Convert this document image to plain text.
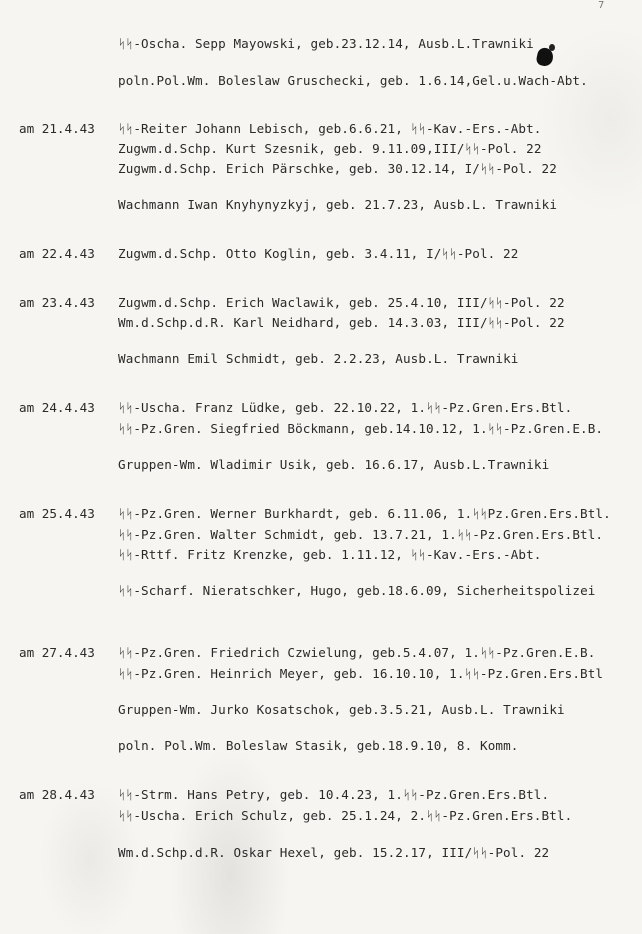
7
ᛋᛋ-Oscha. Sepp Mayowski, geb.23.12.14, Ausb.L.Trawniki
poln.Pol.Wm. Boleslaw Gruschecki, geb. 1.6.14,Gel.u.Wach-Abt.
am 21.4.43 ᛋᛋ-Reiter Johann Lebisch, geb.6.6.21, ᛋᛋ-Kav.-Ers.-Abt.
Zugwm.d.Schp. Kurt Szesnik, geb. 9.11.09,III/ᛋᛋ-Pol. 22
Zugwm.d.Schp. Erich Pärschke, geb. 30.12.14, I/ᛋᛋ-Pol. 22
Wachmann Iwan Knyhynyzkyj, geb. 21.7.23, Ausb.L. Trawniki
am 22.4.43 Zugwm.d.Schp. Otto Koglin, geb. 3.4.11, I/ᛋᛋ-Pol. 22
am 23.4.43 Zugwm.d.Schp. Erich Waclawik, geb. 25.4.10, III/ᛋᛋ-Pol. 22
Wm.d.Schp.d.R. Karl Neidhard, geb. 14.3.03, III/ᛋᛋ-Pol. 22
Wachmann Emil Schmidt, geb. 2.2.23, Ausb.L. Trawniki
am 24.4.43 ᛋᛋ-Uscha. Franz Lüdke, geb. 22.10.22, 1.ᛋᛋ-Pz.Gren.Ers.Btl.
ᛋᛋ-Pz.Gren. Siegfried Böckmann, geb.14.10.12, 1.ᛋᛋ-Pz.Gren.E.B.
Gruppen-Wm. Wladimir Usik, geb. 16.6.17, Ausb.L.Trawniki
am 25.4.43 ᛋᛋ-Pz.Gren. Werner Burkhardt, geb. 6.11.06, 1.ᛋᛋPz.Gren.Ers.Btl.
ᛋᛋ-Pz.Gren. Walter Schmidt, geb. 13.7.21, 1.ᛋᛋ-Pz.Gren.Ers.Btl.
ᛋᛋ-Rttf. Fritz Krenzke, geb. 1.11.12, ᛋᛋ-Kav.-Ers.-Abt.
ᛋᛋ-Scharf. Nieratschker, Hugo, geb.18.6.09, Sicherheitspolizei
am 27.4.43 ᛋᛋ-Pz.Gren. Friedrich Czwielung, geb.5.4.07, 1.ᛋᛋ-Pz.Gren.E.B.
ᛋᛋ-Pz.Gren. Heinrich Meyer, geb. 16.10.10, 1.ᛋᛋ-Pz.Gren.Ers.Btl
Gruppen-Wm. Jurko Kosatschok, geb.3.5.21, Ausb.L. Trawniki
poln. Pol.Wm. Boleslaw Stasik, geb.18.9.10, 8. Komm.
am 28.4.43 ᛋᛋ-Strm. Hans Petry, geb. 10.4.23, 1.ᛋᛋ-Pz.Gren.Ers.Btl.
ᛋᛋ-Uscha. Erich Schulz, geb. 25.1.24, 2.ᛋᛋ-Pz.Gren.Ers.Btl.
Wm.d.Schp.d.R. Oskar Hexel, geb. 15.2.17, III/ᛋᛋ-Pol. 22
